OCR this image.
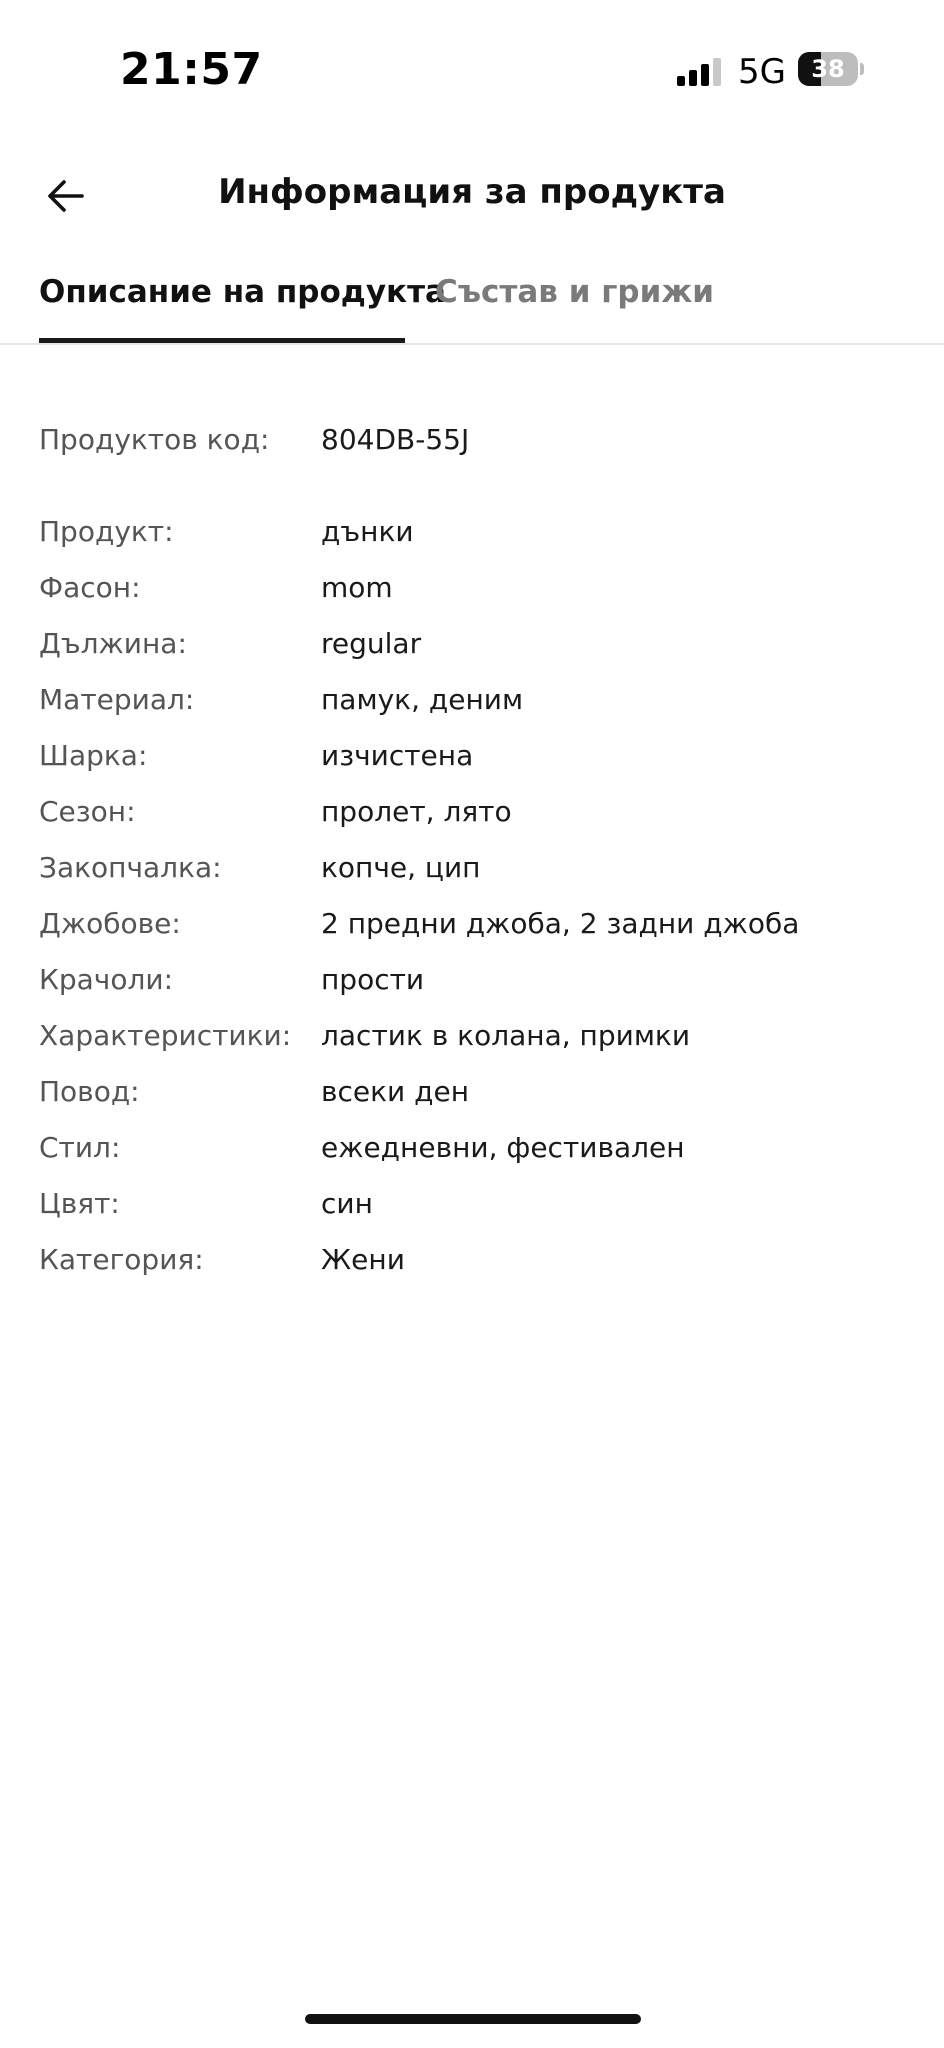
21:57	5G	38
Информация за продукта
Описание на продукта
Състав и грижи
Продуктов код: 804DB-55J
Продукт:	дънки
Фасон:	mom
Дължина:	regular
Материал:	памук, деним
Шарка:	изчистена
Сезон:	пролет, лято
Закопчалка:	копче, цип
Джобове:	2 предни джоба, 2 задни джоба
Крачоли:	прости
Характеристики: ластик в колана, примки
Повод:	всеки ден
Стил:	ежедневни, фестивален
Цвят:	син
Категория:	Жени
